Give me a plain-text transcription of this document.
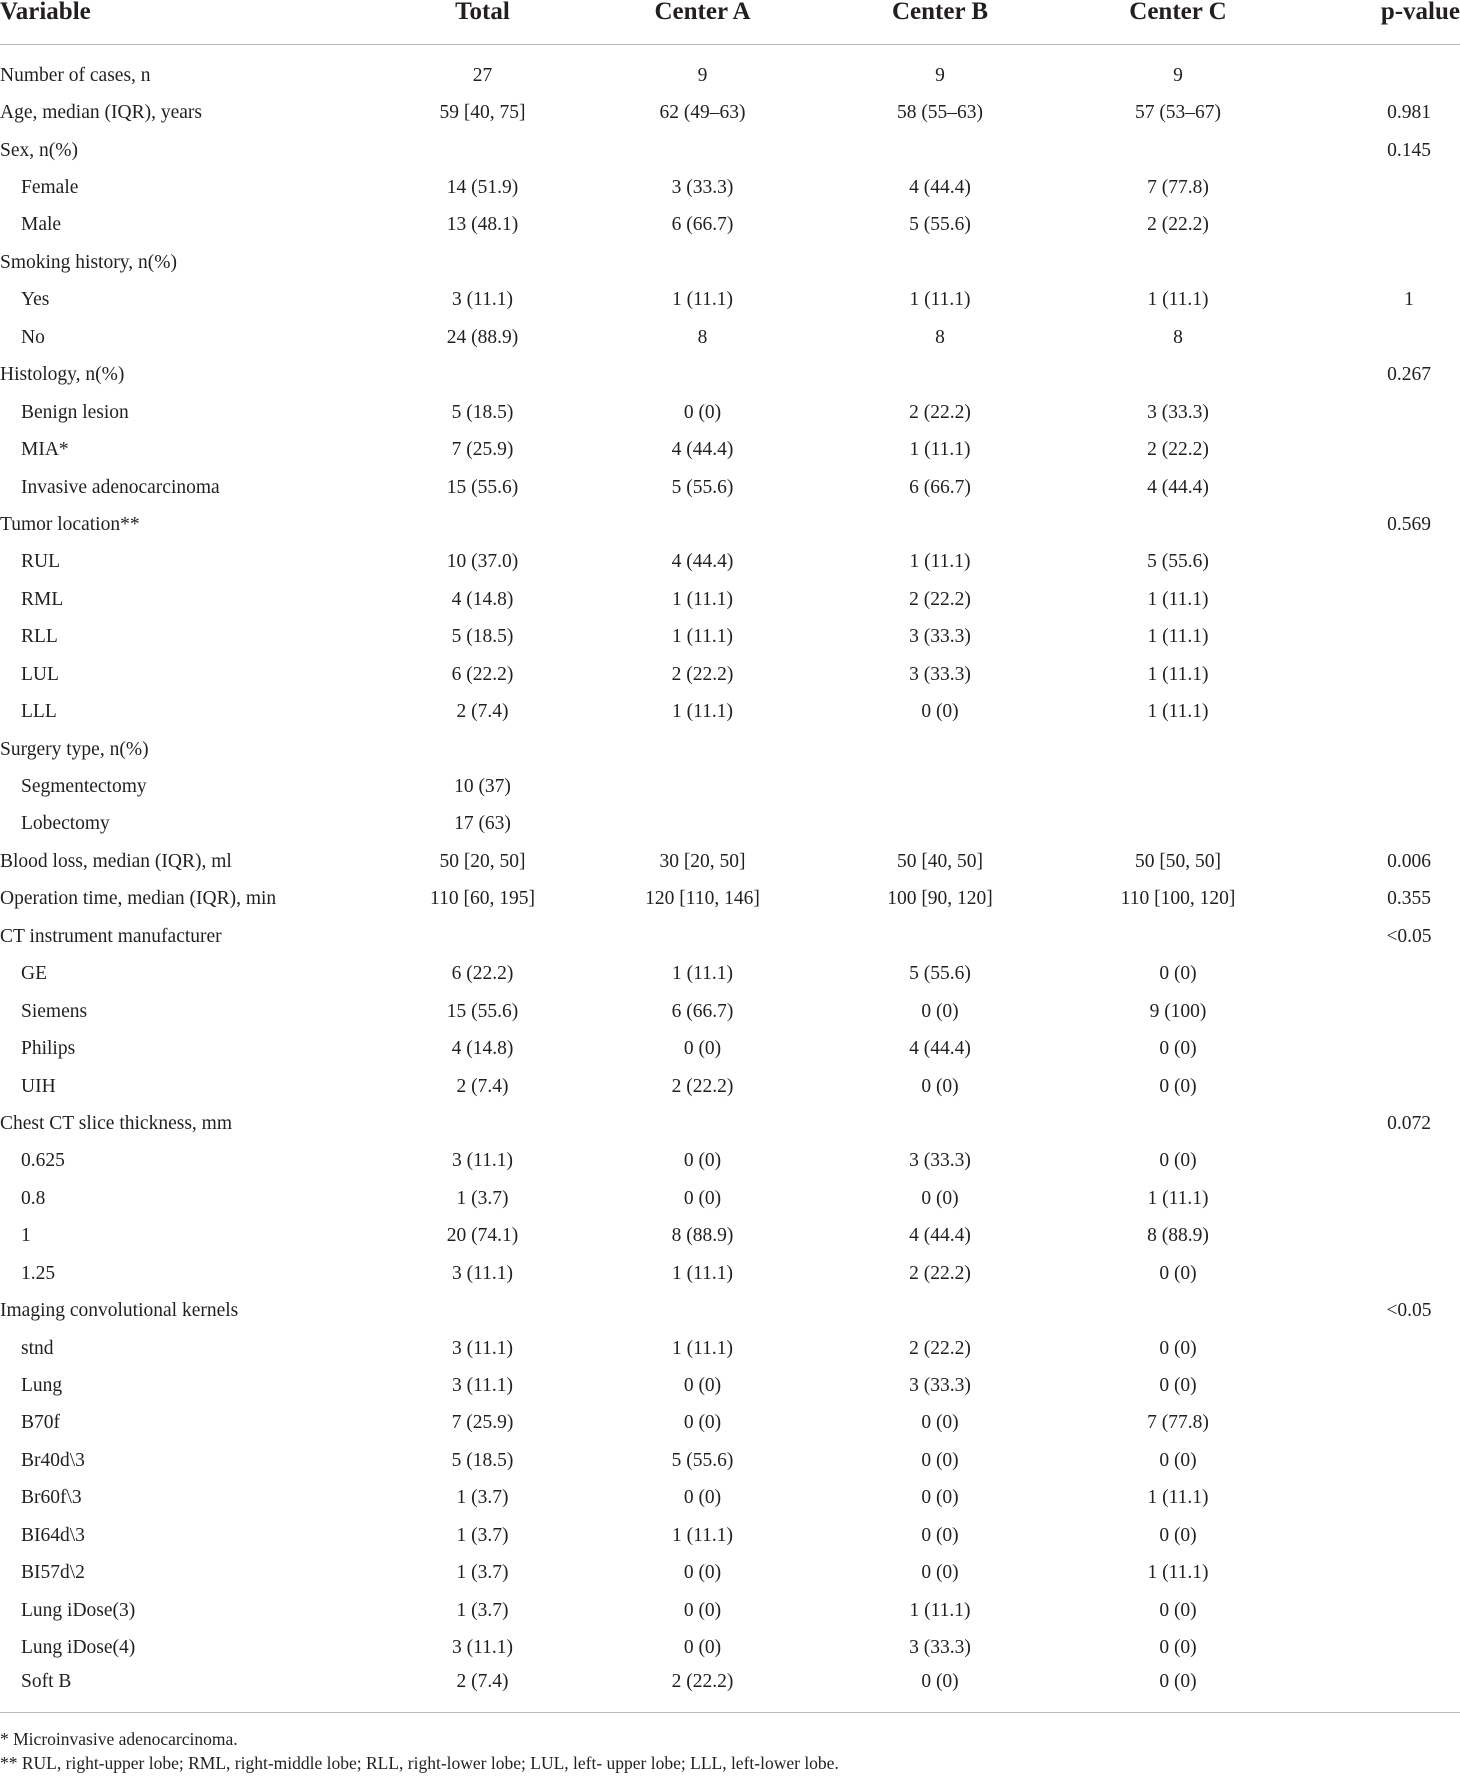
Variable	Total	Center A	Center B	Center C	p-value

Number of cases, n	27	9	9	9	
Age, median (IQR), years	59 [40, 75]	62 (49–63)	58 (55–63)	57 (53–67)	0.981
Sex, n(%)					0.145
Female	14 (51.9)	3 (33.3)	4 (44.4)	7 (77.8)	
Male	13 (48.1)	6 (66.7)	5 (55.6)	2 (22.2)	
Smoking history, n(%)					
Yes	3 (11.1)	1 (11.1)	1 (11.1)	1 (11.1)	1
No	24 (88.9)	8	8	8	
Histology, n(%)					0.267
Benign lesion	5 (18.5)	0 (0)	2 (22.2)	3 (33.3)	
MIA*	7 (25.9)	4 (44.4)	1 (11.1)	2 (22.2)	
Invasive adenocarcinoma	15 (55.6)	5 (55.6)	6 (66.7)	4 (44.4)	
Tumor location**					0.569
RUL	10 (37.0)	4 (44.4)	1 (11.1)	5 (55.6)	
RML	4 (14.8)	1 (11.1)	2 (22.2)	1 (11.1)	
RLL	5 (18.5)	1 (11.1)	3 (33.3)	1 (11.1)	
LUL	6 (22.2)	2 (22.2)	3 (33.3)	1 (11.1)	
LLL	2 (7.4)	1 (11.1)	0 (0)	1 (11.1)	
Surgery type, n(%)					
Segmentectomy	10 (37)				
Lobectomy	17 (63)				
Blood loss, median (IQR), ml	50 [20, 50]	30 [20, 50]	50 [40, 50]	50 [50, 50]	0.006
Operation time, median (IQR), min	110 [60, 195]	120 [110, 146]	100 [90, 120]	110 [100, 120]	0.355
CT instrument manufacturer					<0.05
GE	6 (22.2)	1 (11.1)	5 (55.6)	0 (0)	
Siemens	15 (55.6)	6 (66.7)	0 (0)	9 (100)	
Philips	4 (14.8)	0 (0)	4 (44.4)	0 (0)	
UIH	2 (7.4)	2 (22.2)	0 (0)	0 (0)	
Chest CT slice thickness, mm					0.072
0.625	3 (11.1)	0 (0)	3 (33.3)	0 (0)	
0.8	1 (3.7)	0 (0)	0 (0)	1 (11.1)	
1	20 (74.1)	8 (88.9)	4 (44.4)	8 (88.9)	
1.25	3 (11.1)	1 (11.1)	2 (22.2)	0 (0)	
Imaging convolutional kernels					<0.05
stnd	3 (11.1)	1 (11.1)	2 (22.2)	0 (0)	
Lung	3 (11.1)	0 (0)	3 (33.3)	0 (0)	
B70f	7 (25.9)	0 (0)	0 (0)	7 (77.8)	
Br40d\3	5 (18.5)	5 (55.6)	0 (0)	0 (0)	
Br60f\3	1 (3.7)	0 (0)	0 (0)	1 (11.1)	
BI64d\3	1 (3.7)	1 (11.1)	0 (0)	0 (0)	
BI57d\2	1 (3.7)	0 (0)	0 (0)	1 (11.1)	
Lung iDose(3)	1 (3.7)	0 (0)	1 (11.1)	0 (0)	
Lung iDose(4)	3 (11.1)	0 (0)	3 (33.3)	0 (0)	
Soft B	2 (7.4)	2 (22.2)	0 (0)	0 (0)	
* Microinvasive adenocarcinoma.
** RUL, right-upper lobe; RML, right-middle lobe; RLL, right-lower lobe; LUL, left- upper lobe; LLL, left-lower lobe.
